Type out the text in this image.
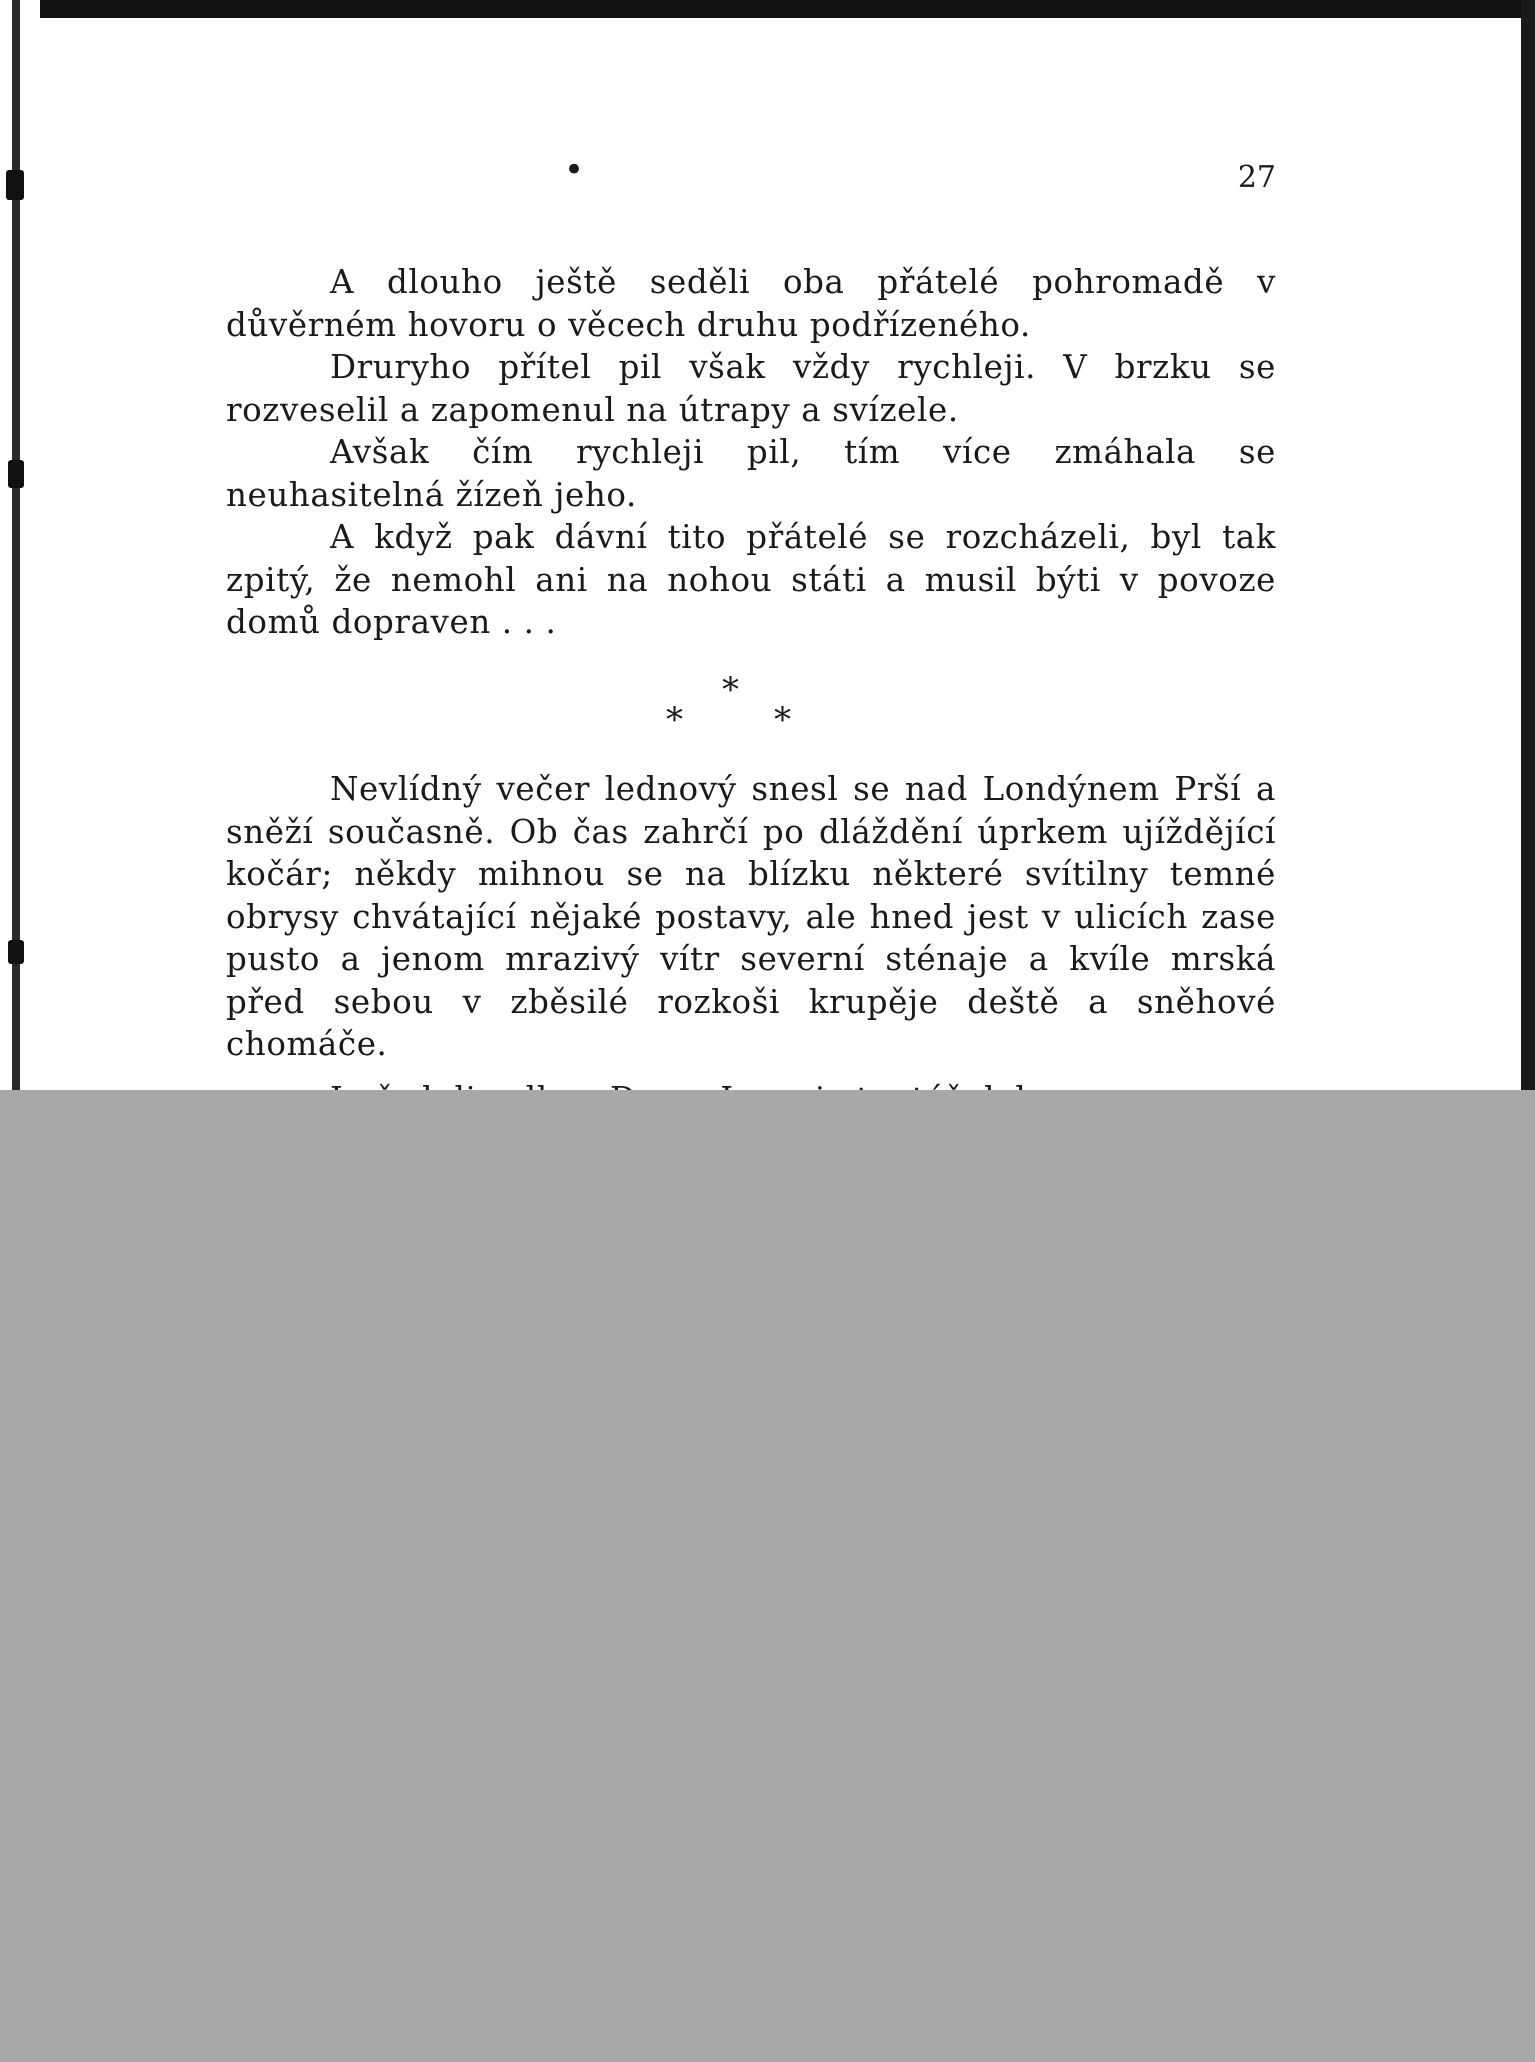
•	27

A dlouho ještě seděli oba přátelé pohromadě v důvěrném hovoru o věcech druhu podřízeného.

Druryho přítel pil však vždy rychleji. V brzku se rozveselil a zapomenul na útrapy a svízele.

Avšak čím rychleji pil, tím více zmáhala se neuhasitelná žízeň jeho.

A když pak dávní tito přátelé se rozcházeli, byl tak zpitý, že nemohl ani na nohou státi a musil býti v povoze domů dopraven . . .

*
*	*

Nevlídný večer lednový snesl se nad Londýnem Prší a sněží současně. Ob čas zahrčí po dláždění úprkem ujíždějící kočár; někdy mihnou se na blízku některé svítilny temné obrysy chvátající nějaké postavy, ale hned jest v ulicích zase pusto a jenom mrazivý vítr severní sténaje a kvíle mrská před sebou v zběsilé rozkoši krupěje deště a sněhové chomáče.
